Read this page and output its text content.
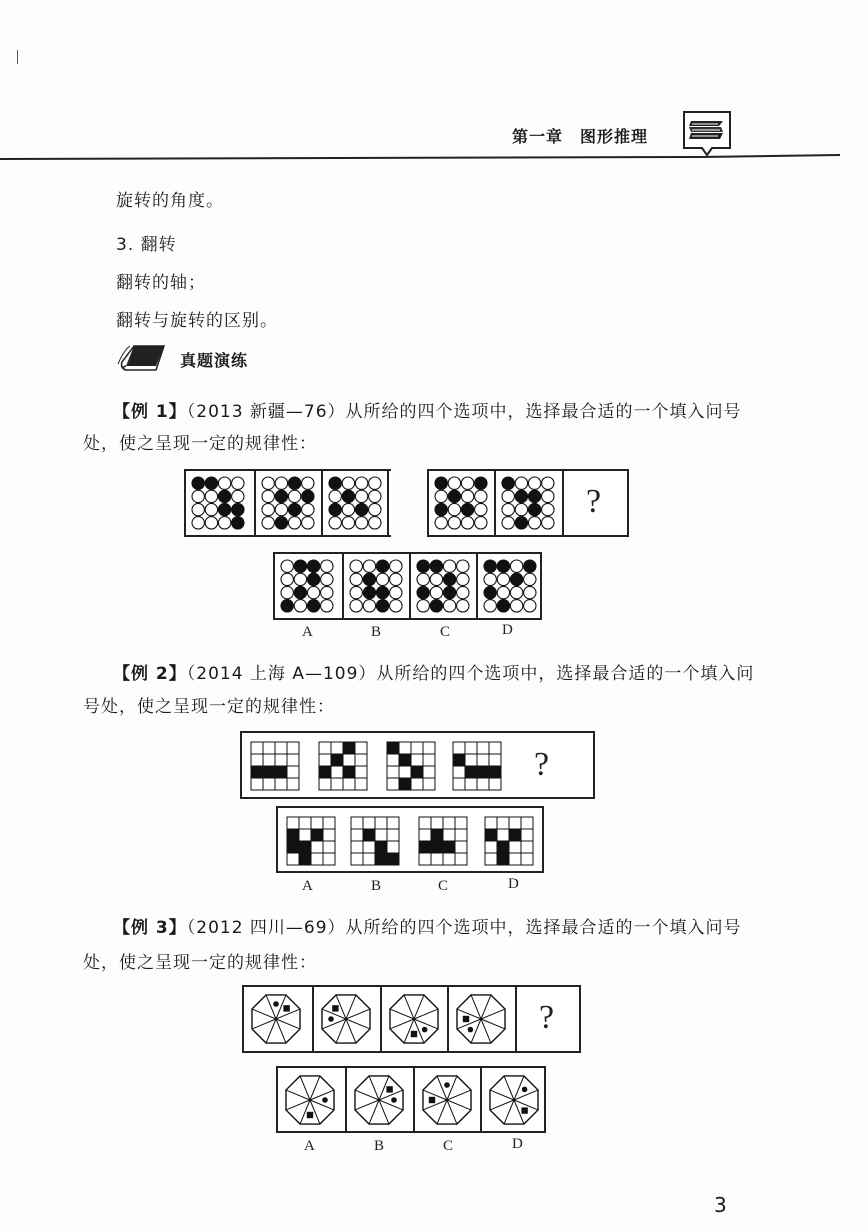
第一章　图形推理
旋转的角度。
3. 翻转
翻转的轴；
翻转与旋转的区别。
真题演练
【例 1】（2013 新疆—76）从所给的四个选项中，选择最合适的一个填入问号
处，使之呈现一定的规律性：
?
A	B	C	D
【例 2】（2014 上海 A—109）从所给的四个选项中，选择最合适的一个填入问
号处，使之呈现一定的规律性：
?
A	B	C	D
【例 3】（2012 四川—69）从所给的四个选项中，选择最合适的一个填入问号
处，使之呈现一定的规律性：
?
A	B	C	D
3
